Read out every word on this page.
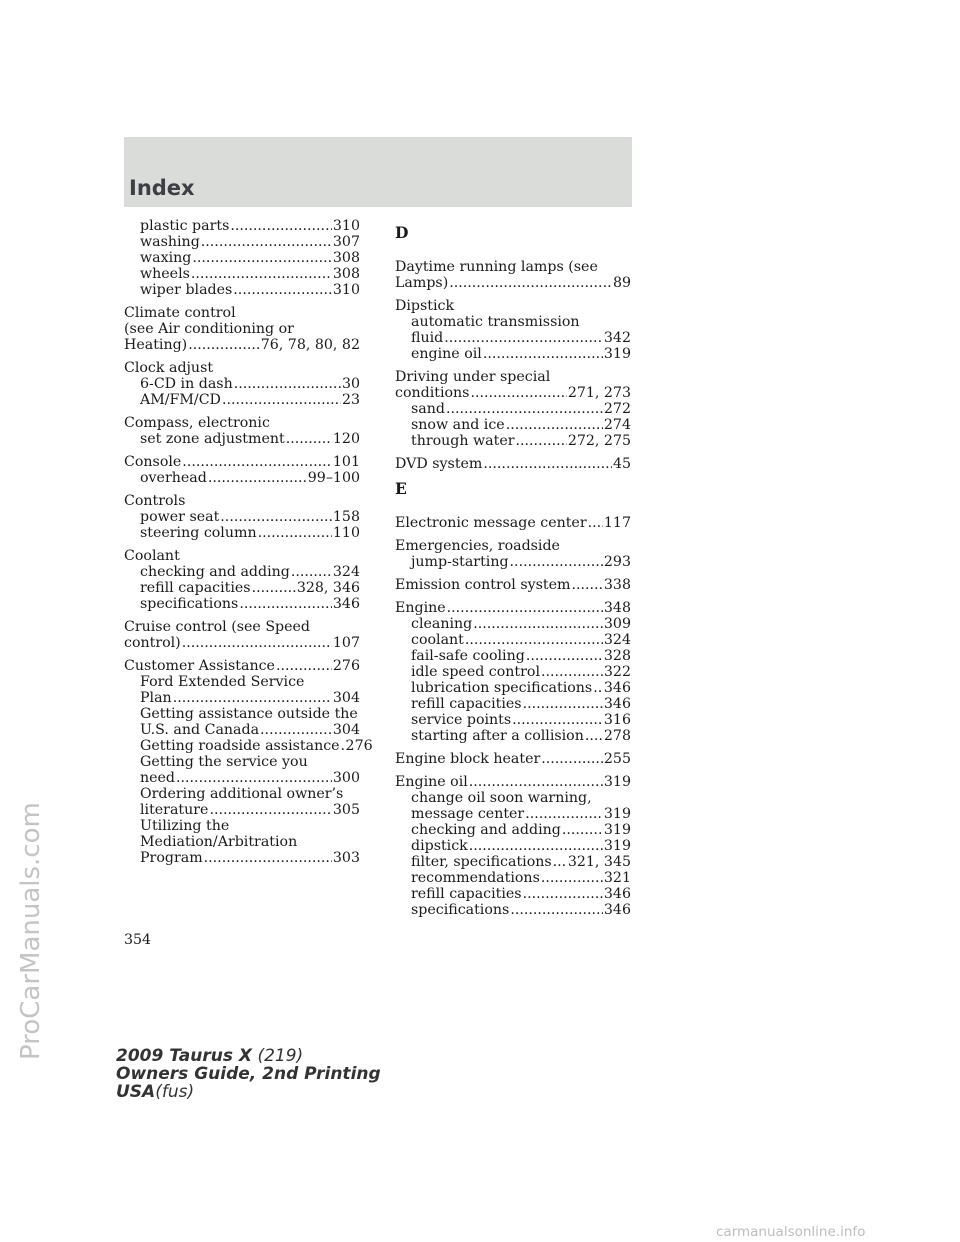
Index
plastic parts .....	310
washing .....	307
waxing .....	308
wheels .....	308
wiper blades .....	310
Climate control
(see Air conditioning or
Heating) .....	76, 78, 80, 82
Clock adjust
6-CD in dash .....	30
AM/FM/CD .....	23
Compass, electronic
set zone adjustment .....	120
Console .....	101
overhead .....	99–100
Controls
power seat .....	158
steering column .....	110
Coolant
checking and adding .....	324
refill capacities .....	328, 346
specifications .....	346
Cruise control (see Speed
control) .....	107
Customer Assistance .....	276
Ford Extended Service
Plan .....	304
Getting assistance outside the
U.S. and Canada .....	304
Getting roadside assistance ..... 276
Getting the service you
need .....	300
Ordering additional owner’s
literature .....	305
Utilizing the
Mediation/Arbitration
Program .....	303
D
Daytime running lamps (see
Lamps) .....	89
Dipstick
automatic transmission
fluid .....	342
engine oil .....	319
Driving under special
conditions .....	271, 273
sand .....	272
snow and ice .....	274
through water .....	272, 275
DVD system .....	45
E
Electronic message center ..... 117
Emergencies, roadside
jump-starting .....	293
Emission control system ..... 338
Engine .....	348
cleaning .....	309
coolant .....	324
fail-safe cooling .....	328
idle speed control .....	322
lubrication specifications ..... 346
refill capacities .....	346
service points .....	316
starting after a collision ..... 278
Engine block heater .....	255
Engine oil .....	319
change oil soon warning,
message center .....	319
checking and adding .....	319
dipstick .....	319
filter, specifications ..... 321, 345
recommendations .....	321
refill capacities .....	346
specifications .....	346
354
2009 Taurus X (219)
Owners Guide, 2nd Printing
USA(fus)
ProCarManuals.com
carmanualsonline.info
